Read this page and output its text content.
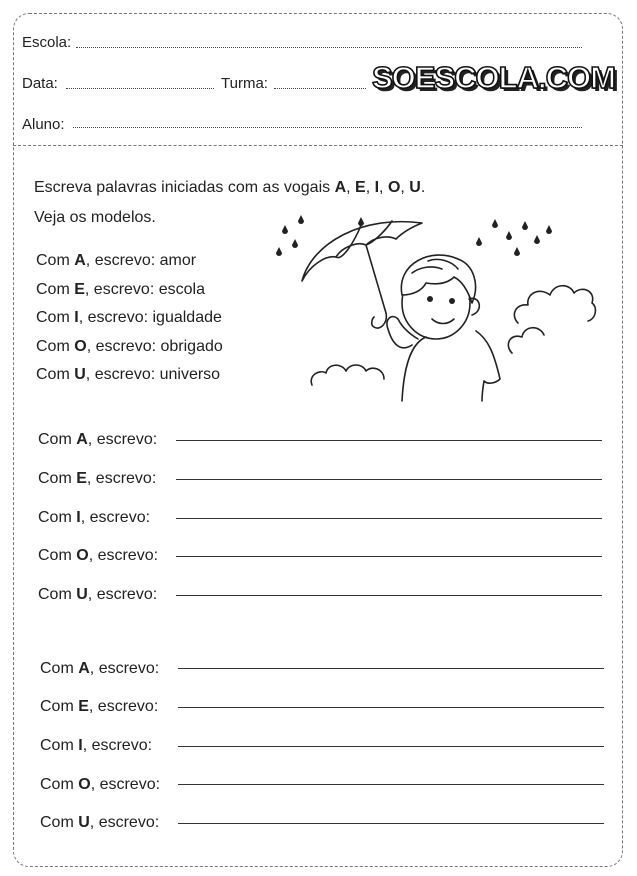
Escola:
Data:	Turma:	SOESCOLA.COM
Aluno:
Escreva palavras iniciadas com as vogais A, E, I, O, U.
Veja os modelos.
Com A, escrevo: amor
Com E, escrevo: escola
Com I, escrevo: igualdade
Com O, escrevo: obrigado
Com U, escrevo: universo
Com A, escrevo:
Com E, escrevo:
Com I, escrevo:
Com O, escrevo:
Com U, escrevo:
Com A, escrevo:
Com E, escrevo:
Com I, escrevo:
Com O, escrevo:
Com U, escrevo:
